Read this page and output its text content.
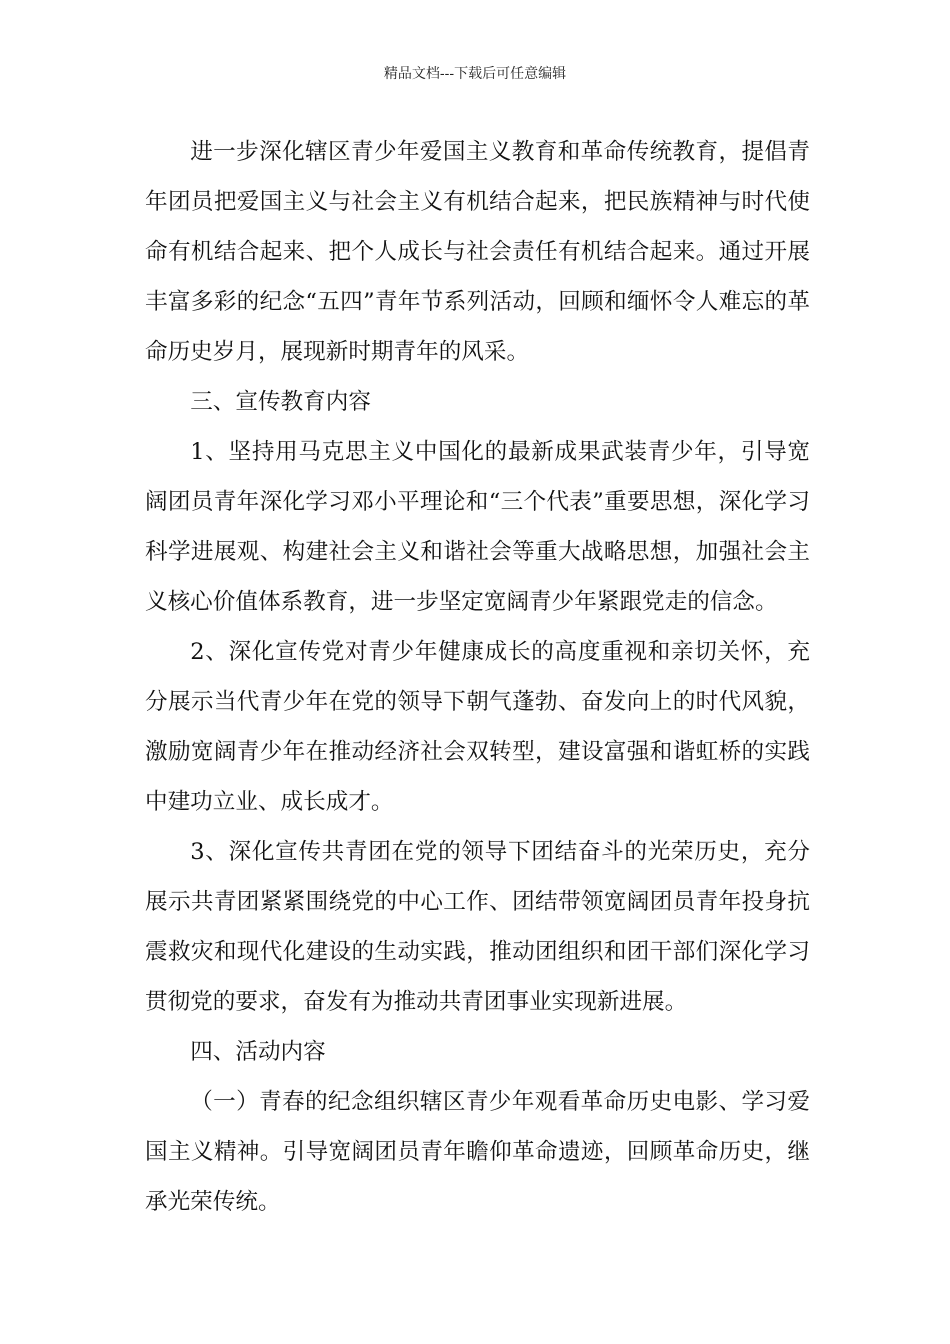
精品文档---下载后可任意编辑

进一步深化辖区青少年爱国主义教育和革命传统教育，提倡青年团员把爱国主义与社会主义有机结合起来，把民族精神与时代使命有机结合起来、把个人成长与社会责任有机结合起来。通过开展丰富多彩的纪念“五四”青年节系列活动，回顾和缅怀令人难忘的革命历史岁月，展现新时期青年的风采。

三、宣传教育内容

1、坚持用马克思主义中国化的最新成果武装青少年，引导宽阔团员青年深化学习邓小平理论和“三个代表”重要思想，深化学习科学进展观、构建社会主义和谐社会等重大战略思想，加强社会主义核心价值体系教育，进一步坚定宽阔青少年紧跟党走的信念。

2、深化宣传党对青少年健康成长的高度重视和亲切关怀，充分展示当代青少年在党的领导下朝气蓬勃、奋发向上的时代风貌，激励宽阔青少年在推动经济社会双转型，建设富强和谐虹桥的实践中建功立业、成长成才。

3、深化宣传共青团在党的领导下团结奋斗的光荣历史，充分展示共青团紧紧围绕党的中心工作、团结带领宽阔团员青年投身抗震救灾和现代化建设的生动实践，推动团组织和团干部们深化学习贯彻党的要求，奋发有为推动共青团事业实现新进展。

四、活动内容

（一）青春的纪念组织辖区青少年观看革命历史电影、学习爱国主义精神。引导宽阔团员青年瞻仰革命遗迹，回顾革命历史，继承光荣传统。
